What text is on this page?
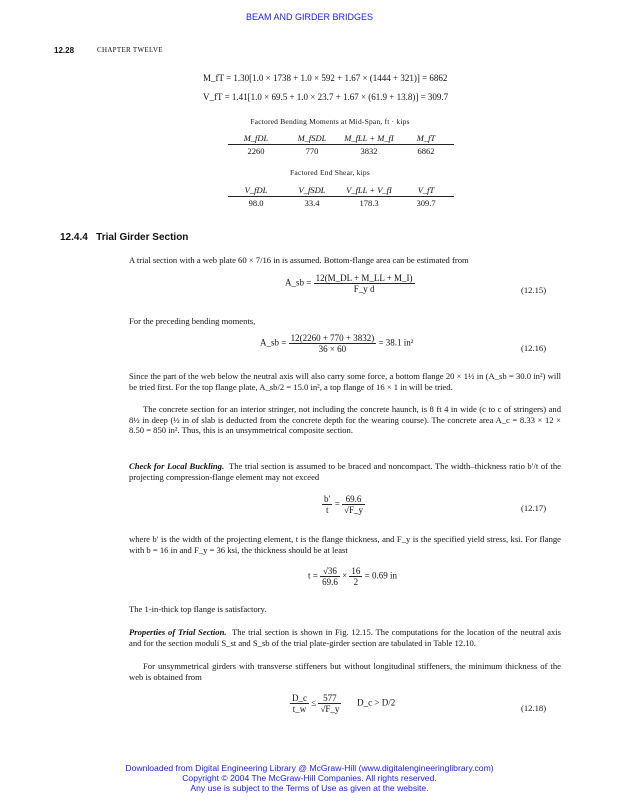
BEAM AND GIRDER BRIDGES
12.28	CHAPTER TWELVE
M_fT = 1.30[1.0 × 1738 + 1.0 × 592 + 1.67 × (1444 + 321)] = 6862
V_fT = 1.41[1.0 × 69.5 + 1.0 × 23.7 + 1.67 × (61.9 + 13.8)] = 309.7
Factored Bending Moments at Mid-Span, ft · kips
M_fDL	M_fSDL	M_fLL + M_fI	M_fT
2260	770	3832	6862
Factored End Shear, kips
V_fDL	V_fSDL	V_fLL + V_fI	V_fT
98.0	33.4	178.3	309.7
12.4.4 Trial Girder Section
A trial section with a web plate 60 × 7/16 in is assumed. Bottom-flange area can be estimated from
A_sb = $\frac{12(M\_DL + M\_LL + M\_I)}{\text{F\_y d}}$	(12.15)
For the preceding bending moments,
A_sb = $\frac{12(2260 + 770 + 3832)}{36 \times 60} = 38.1$ in²
(12.16)
Since the part of the web below the neutral axis will also carry some force, a bottom flange 20 × 1½ in (A_sb = 30.0 in²) will be tried first. For the top flange plate, A_sb/2 = 15.0 in², a top flange of 16 × 1 in will be tried.
The concrete section for an interior stringer, not including the concrete haunch, is 8 ft 4 in wide (c to c of stringers) and 8½ in deep (½ in of slab is deducted from the concrete depth for the wearing course). The concrete area A_c = 8.33 × 12 × 8.50 = 850 in². Thus, this is an unsymmetrical composite section.
Check for Local Buckling. The trial section is assumed to be braced and noncompact. The width–thickness ratio b′/t of the projecting compression-flange element may not exceed
$\frac{b'}{t} = \frac{69.6}{√F\_y}$	(12.17)
where b′ is the width of the projecting element, t is the flange thickness, and F_y is the specified yield stress, ksi. For flange with b = 16 in and F_y = 36 ksi, the thickness should be at least
$t = \frac{√36}{69.6} \times \frac{16}{2} = 0.69$ in
The 1-in-thick top flange is satisfactory.
Properties of Trial Section. The trial section is shown in Fig. 12.15. The computations for the location of the neutral axis and for the section moduli S_st and S_sb of the trial plate-girder section are tabulated in Table 12.10.
For unsymmetrical girders with transverse stiffeners but without longitudinal stiffeners, the minimum thickness of the web is obtained from
$\frac{D\_c}{t\_w} \le \frac{577}{√F\_y}$ D_c > D/2
(12.18)
Downloaded from Digital Engineering Library @ McGraw-Hill (www.digitalengineeringlibrary.com)
Copyright © 2004 The McGraw-Hill Companies. All rights reserved.
Any use is subject to the Terms of Use as given at the website.
